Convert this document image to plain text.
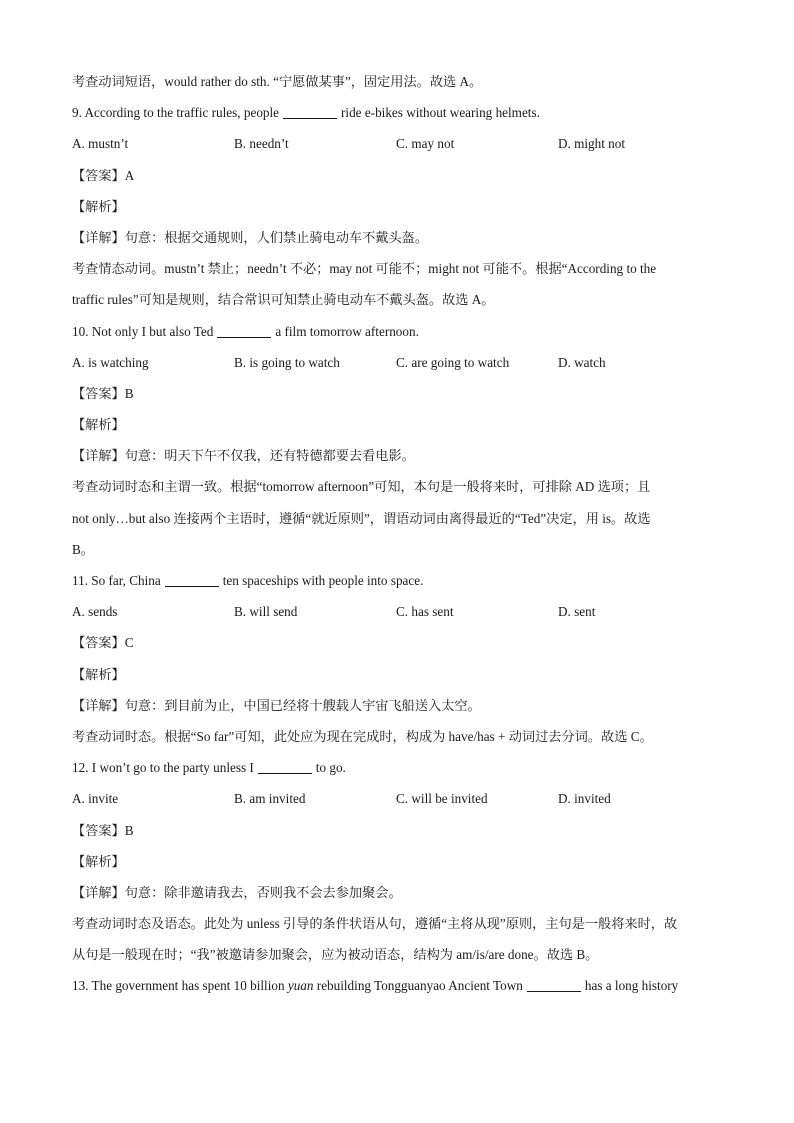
考查动词短语，would rather do sth. “宁愿做某事”，固定用法。故选 A。
9. According to the traffic rules, people	ride e-bikes without wearing helmets.
A. mustn’t	B. needn’t	C. may not	D. might not
【答案】A
【解析】
【详解】句意：根据交通规则，人们禁止骑电动车不戴头盔。
考查情态动词。mustn’t 禁止；needn’t 不必；may not 可能不；might not 可能不。根据“According to the
traffic rules”可知是规则，结合常识可知禁止骑电动车不戴头盔。故选 A。
10. Not only I but also Ted	a film tomorrow afternoon.
A. is watching	B. is going to watch	C. are going to watch	D. watch
【答案】B
【解析】
【详解】句意：明天下午不仅我，还有特德都要去看电影。
考查动词时态和主谓一致。根据“tomorrow afternoon”可知，本句是一般将来时，可排除 AD 选项；且
not only…but also 连接两个主语时，遵循“就近原则”，谓语动词由离得最近的“Ted”决定，用 is。故选
B。
11. So far, China	ten spaceships with people into space.
A. sends	B. will send	C. has sent	D. sent
【答案】C
【解析】
【详解】句意：到目前为止，中国已经将十艘载人宇宙飞船送入太空。
考查动词时态。根据“So far”可知，此处应为现在完成时，构成为 have/has + 动词过去分词。故选 C。
12. I won’t go to the party unless I	to go.
A. invite	B. am invited	C. will be invited	D. invited
【答案】B
【解析】
【详解】句意：除非邀请我去，否则我不会去参加聚会。
考查动词时态及语态。此处为 unless 引导的条件状语从句，遵循“主将从现”原则，主句是一般将来时，故
从句是一般现在时；“我”被邀请参加聚会，应为被动语态，结构为 am/is/are done。故选 B。
13. The government has spent 10 billion yuan rebuilding Tongguanyao Ancient Town	has a long history
